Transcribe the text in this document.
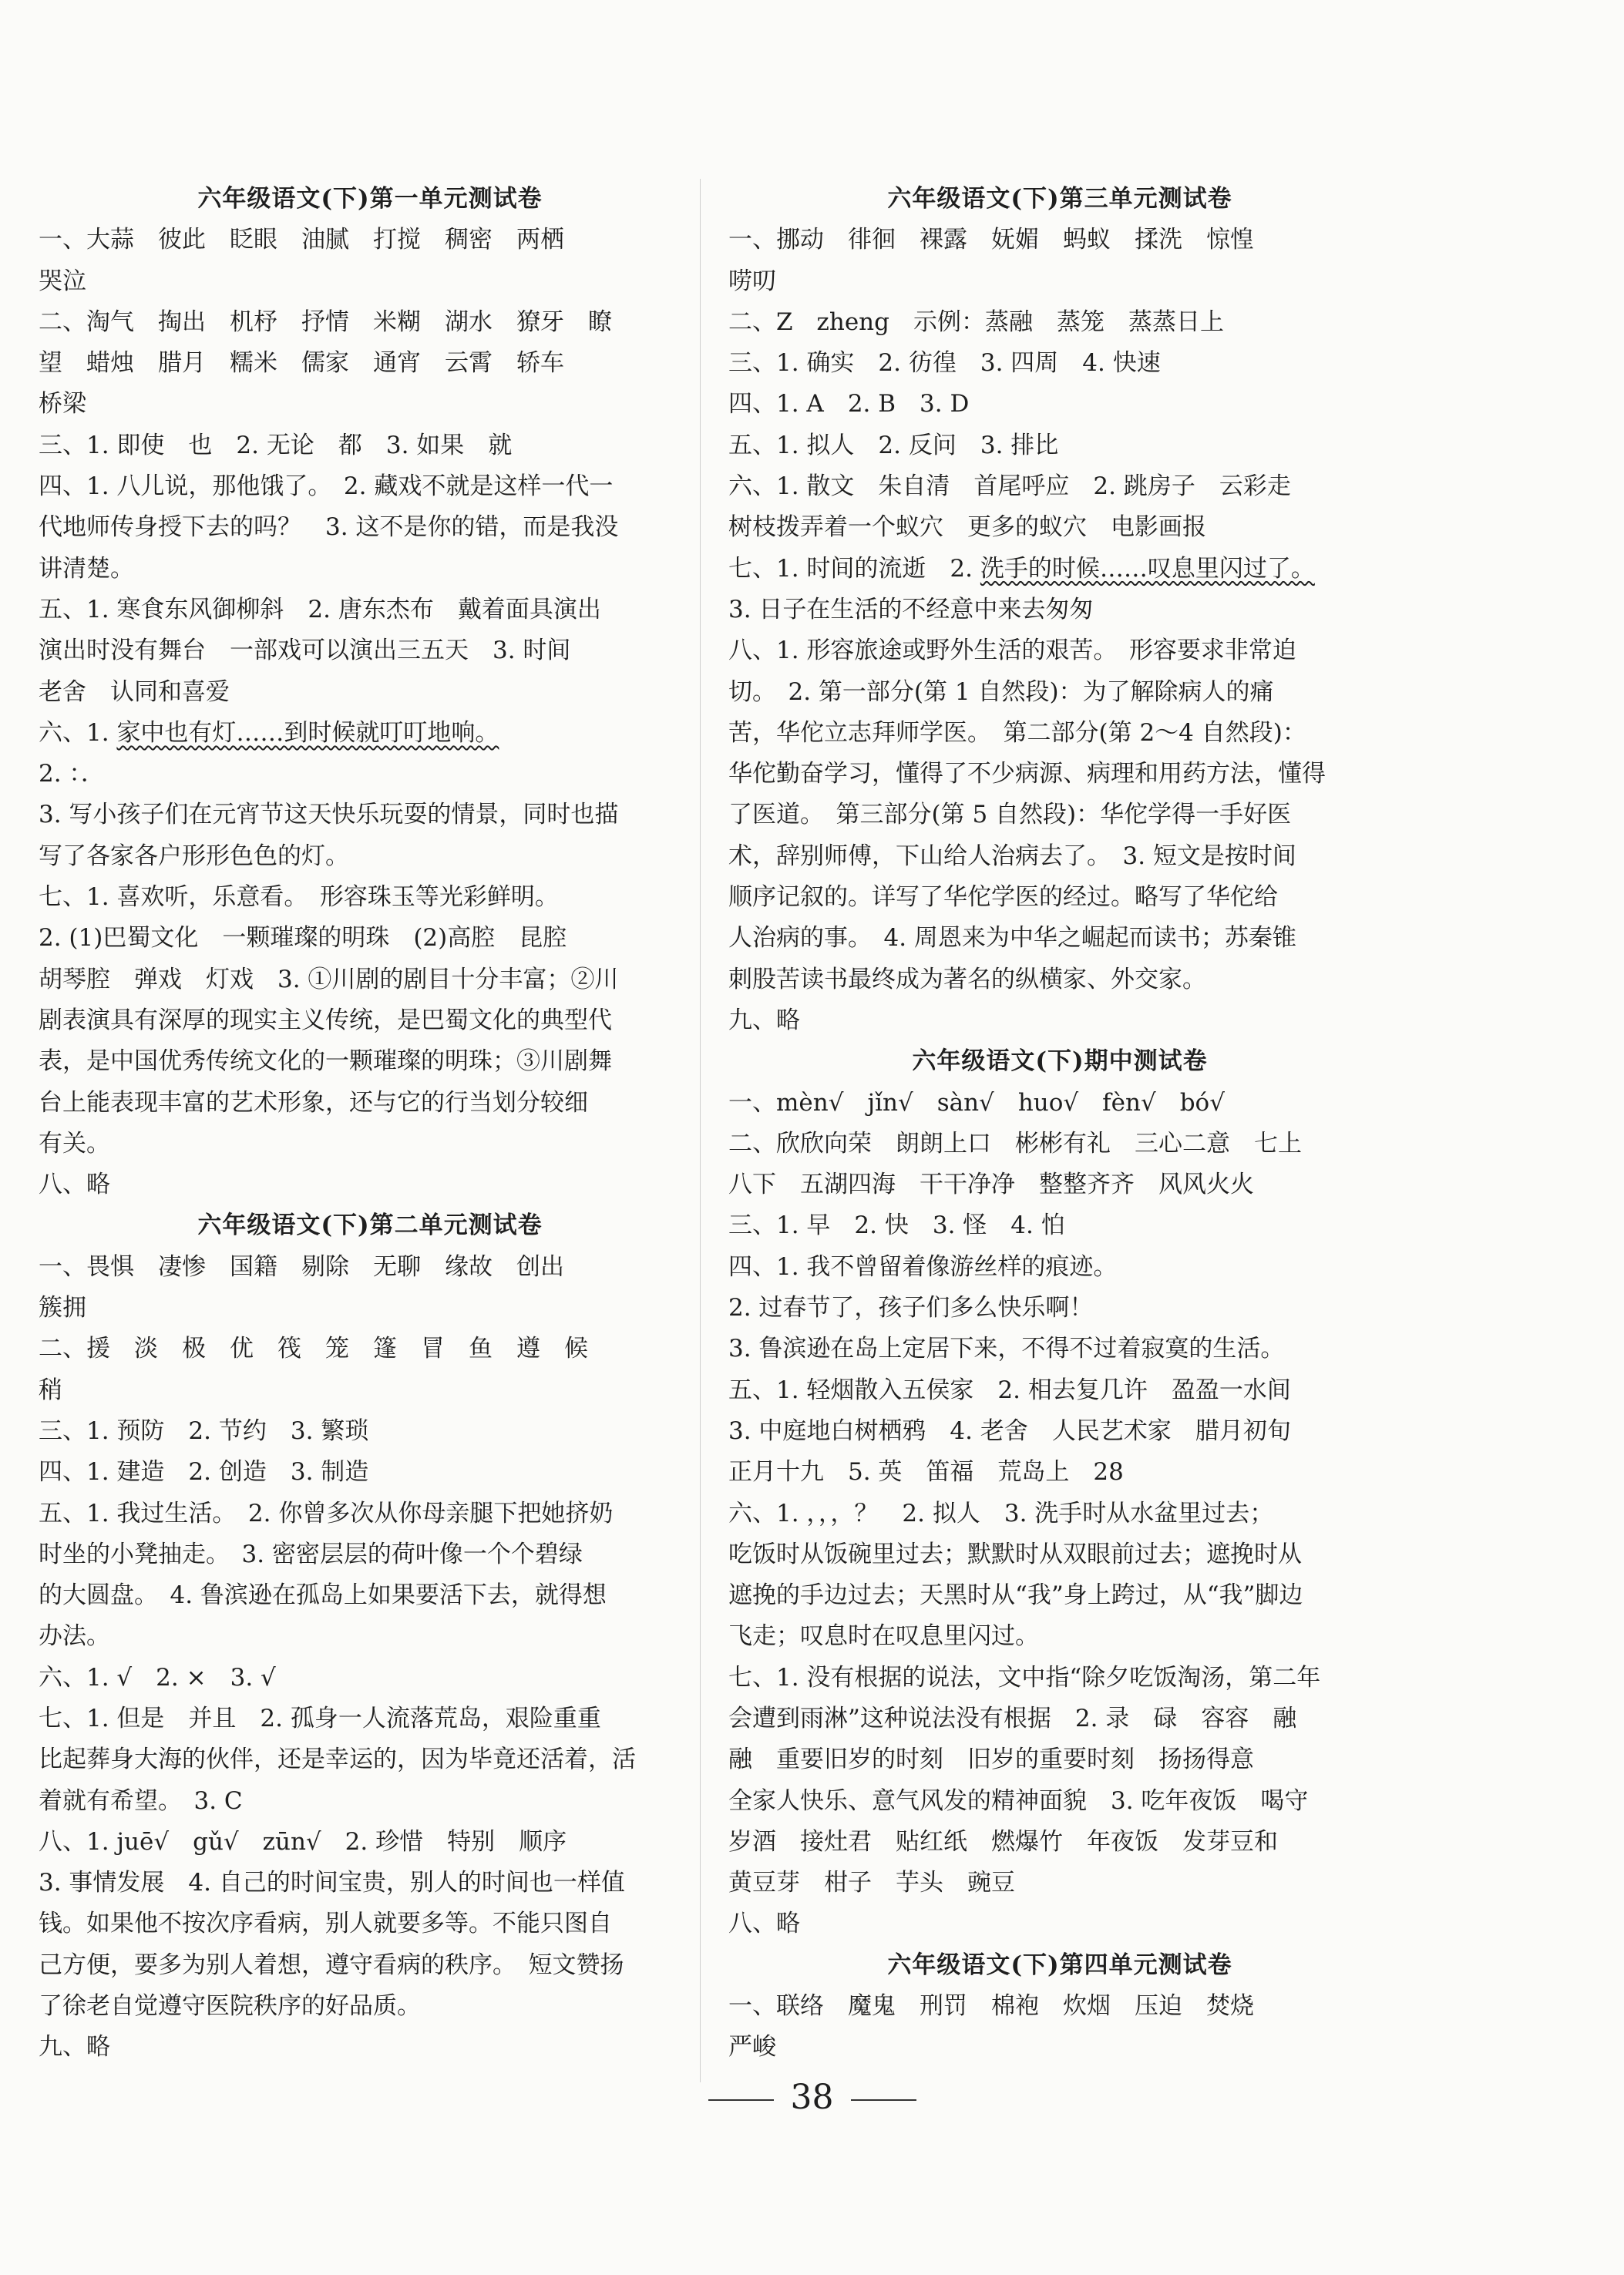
六年级语文(下)第一单元测试卷
一、大蒜　彼此　眨眼　油腻　打搅　稠密　两栖
哭泣
二、淘气　掏出　机杼　抒情　米糊　湖水　獠牙　瞭
望　蜡烛　腊月　糯米　儒家　通宵　云霄　轿车
桥梁
三、1. 即使　也　2. 无论　都　3. 如果　就
四、1. 八儿说，那他饿了。　2. 藏戏不就是这样一代一
代地师传身授下去的吗？　3. 这不是你的错，而是我没
讲清楚。
五、1. 寒食东风御柳斜　2. 唐东杰布　戴着面具演出
演出时没有舞台　一部戏可以演出三五天　3. 时间
老舍　认同和喜爱
六、1. 家中也有灯……到时候就叮叮地响。
2. ：．
3. 写小孩子们在元宵节这天快乐玩耍的情景，同时也描
写了各家各户形形色色的灯。
七、1. 喜欢听，乐意看。　形容珠玉等光彩鲜明。
2. (1)巴蜀文化　一颗璀璨的明珠　(2)高腔　昆腔
胡琴腔　弹戏　灯戏　3. ①川剧的剧目十分丰富；②川
剧表演具有深厚的现实主义传统，是巴蜀文化的典型代
表，是中国优秀传统文化的一颗璀璨的明珠；③川剧舞
台上能表现丰富的艺术形象，还与它的行当划分较细
有关。
八、略
六年级语文(下)第二单元测试卷
一、畏惧　凄惨　国籍　剔除　无聊　缘故　创出
簇拥
二、援　淡　极　优　筏　笼　篷　冒　鱼　遵　候
稍
三、1. 预防　2. 节约　3. 繁琐
四、1. 建造　2. 创造　3. 制造
五、1. 我过生活。　2. 你曾多次从你母亲腿下把她挤奶
时坐的小凳抽走。　3. 密密层层的荷叶像一个个碧绿
的大圆盘。　4. 鲁滨逊在孤岛上如果要活下去，就得想
办法。
六、1. √　2. ×　3. √
七、1. 但是　并且　2. 孤身一人流落荒岛，艰险重重
比起葬身大海的伙伴，还是幸运的，因为毕竟还活着，活
着就有希望。　3. C
八、1. juē√　gǔ√　zūn√　2. 珍惜　特别　顺序
3. 事情发展　4. 自己的时间宝贵，别人的时间也一样值
钱。如果他不按次序看病，别人就要多等。不能只图自
己方便，要多为别人着想，遵守看病的秩序。　短文赞扬
了徐老自觉遵守医院秩序的好品质。
九、略
六年级语文(下)第三单元测试卷
一、挪动　徘徊　裸露　妩媚　蚂蚁　揉洗　惊惶
唠叨
二、Z　zheng　示例：蒸融　蒸笼　蒸蒸日上
三、1. 确实　2. 彷徨　3. 四周　4. 快速
四、1. A　2. B　3. D
五、1. 拟人　2. 反问　3. 排比
六、1. 散文　朱自清　首尾呼应　2. 跳房子　云彩走
树枝拨弄着一个蚁穴　更多的蚁穴　电影画报
七、1. 时间的流逝　2. 洗手的时候……叹息里闪过了。
3. 日子在生活的不经意中来去匆匆
八、1. 形容旅途或野外生活的艰苦。　形容要求非常迫
切。　2. 第一部分(第 1 自然段)：为了解除病人的痛
苦，华佗立志拜师学医。　第二部分(第 2～4 自然段)：
华佗勤奋学习，懂得了不少病源、病理和用药方法，懂得
了医道。　第三部分(第 5 自然段)：华佗学得一手好医
术，辞别师傅，下山给人治病去了。　3. 短文是按时间
顺序记叙的。详写了华佗学医的经过。略写了华佗给
人治病的事。　4. 周恩来为中华之崛起而读书；苏秦锥
刺股苦读书最终成为著名的纵横家、外交家。
九、略
六年级语文(下)期中测试卷
一、mèn√　jǐn√　sàn√　huo√　fèn√　bó√
二、欣欣向荣　朗朗上口　彬彬有礼　三心二意　七上
八下　五湖四海　干干净净　整整齐齐　风风火火
三、1. 早　2. 快　3. 怪　4. 怕
四、1. 我不曾留着像游丝样的痕迹。
2. 过春节了，孩子们多么快乐啊！
3. 鲁滨逊在岛上定居下来，不得不过着寂寞的生活。
五、1. 轻烟散入五侯家　2. 相去复几许　盈盈一水间
3. 中庭地白树栖鸦　4. 老舍　人民艺术家　腊月初旬
正月十九　5. 英　笛福　荒岛上　28
六、1. ，，，？　2. 拟人　3. 洗手时从水盆里过去；
吃饭时从饭碗里过去；默默时从双眼前过去；遮挽时从
遮挽的手边过去；天黑时从“我”身上跨过，从“我”脚边
飞走；叹息时在叹息里闪过。
七、1. 没有根据的说法，文中指“除夕吃饭淘汤，第二年
会遭到雨淋”这种说法没有根据　2. 录　碌　容容　融
融　重要旧岁的时刻　旧岁的重要时刻　扬扬得意
全家人快乐、意气风发的精神面貌　3. 吃年夜饭　喝守
岁酒　接灶君　贴红纸　燃爆竹　年夜饭　发芽豆和
黄豆芽　柑子　芋头　豌豆
八、略
六年级语文(下)第四单元测试卷
一、联络　魔鬼　刑罚　棉袍　炊烟　压迫　焚烧
严峻
38
